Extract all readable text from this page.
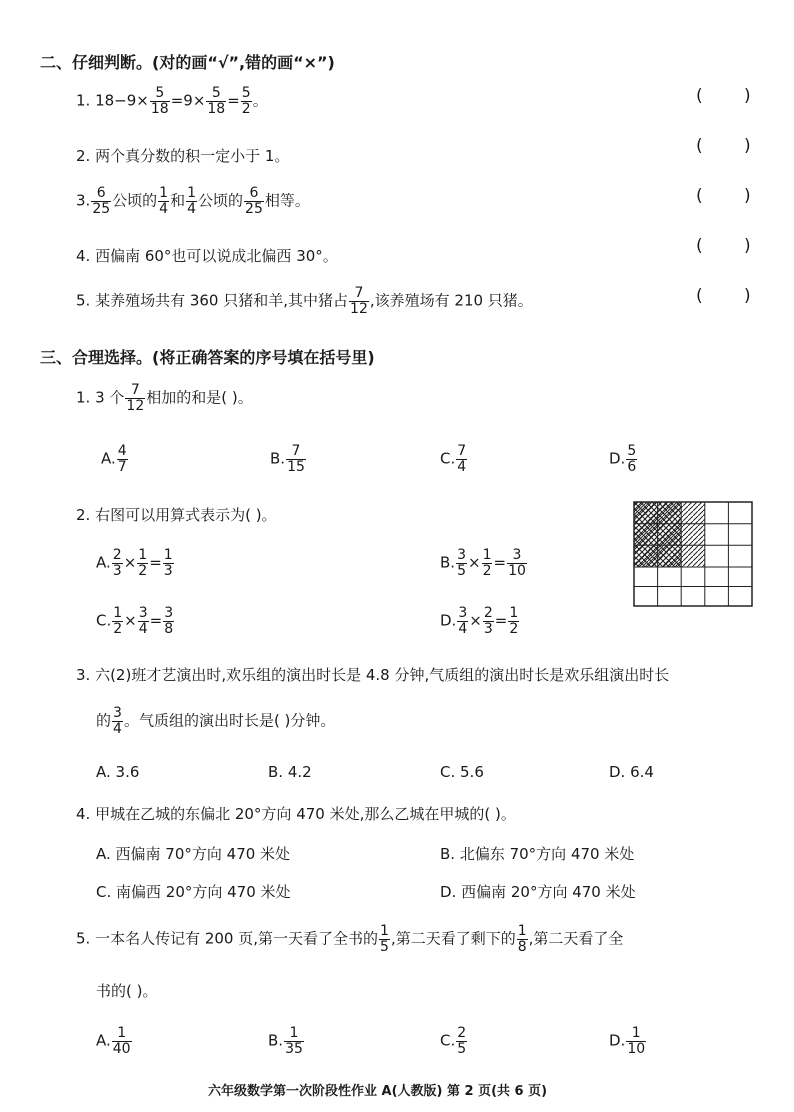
二、仔细判断。(对的画“√”,错的画“×”)
1. $18-9\times \frac{5}{18} =9\times \frac{5}{18} = \frac{5}{2}$ 。	( )
2. 两个真分数的积一定小于 1。	( )
3. $\frac{6}{25}$ 公顷的 $\frac{1}{4}$ 和 $\frac{1}{4}$ 公顷的 $\frac{6}{25}$ 相等。	( )
4. 西偏南 60°也可以说成北偏西 30°。	( )
5. 某养殖场共有 360 只猪和羊,其中猪占 $\frac{7}{12}$ ,该养殖场有 210 只猪。	( )
三、合理选择。(将正确答案的序号填在括号里)
1. 3 个 $\frac{7}{12}$ 相加的和是( )。
A. $\frac{4}{7}$	B. $\frac{7}{15}$	C. $\frac{7}{4}$	D. $\frac{5}{6}$
2. 右图可以用算式表示为( )。
A. $\frac{2}{3} \times \frac{1}{2} = \frac{1}{3}$	B. $\frac{3}{5} \times \frac{1}{2} = \frac{3}{10}$
C. $\frac{1}{2} \times \frac{3}{4} = \frac{3}{8}$	D. $\frac{3}{4} \times \frac{2}{3} = \frac{1}{2}$
3. 六(2)班才艺演出时,欢乐组的演出时长是 4.8 分钟,气质组的演出时长是欢乐组演出时长
的 $\frac{3}{4}$ 。气质组的演出时长是( )分钟。
A. 3.6	B. 4.2	C. 5.6	D. 6.4
4. 甲城在乙城的东偏北 20°方向 470 米处,那么乙城在甲城的( )。
A. 西偏南 70°方向 470 米处	B. 北偏东 70°方向 470 米处
C. 南偏西 20°方向 470 米处	D. 西偏南 20°方向 470 米处
5. 一本名人传记有 200 页,第一天看了全书的 $\frac{1}{5}$ ,第二天看了剩下的 $\frac{1}{8}$ ,第二天看了全
书的( )。
A. $\frac{1}{40}$	B. $\frac{1}{35}$	C. $\frac{2}{5}$	D. $\frac{1}{10}$
六年级数学第一次阶段性作业 A(人教版) 第 2 页(共 6 页)
